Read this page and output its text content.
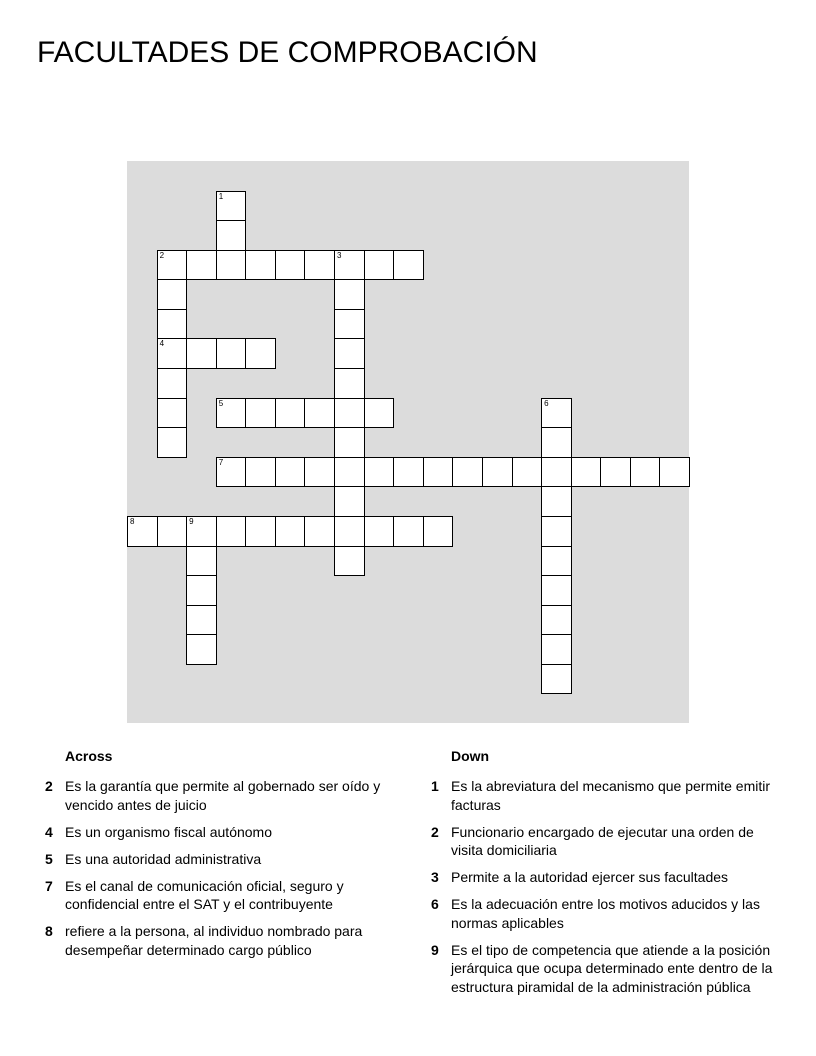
FACULTADES DE COMPROBACIÓN
1
2	3
4
5	6
7
8	9
Across
2 Es la garantía que permite al gobernado ser oído y vencido antes de juicio
4 Es un organismo fiscal autónomo
5 Es una autoridad administrativa
7 Es el canal de comunicación oficial, seguro y confidencial entre el SAT y el contribuyente
8 refiere a la persona, al individuo nombrado para desempeñar determinado cargo público
Down
1 Es la abreviatura del mecanismo que permite emitir facturas
2 Funcionario encargado de ejecutar una orden de visita domiciliaria
3 Permite a la autoridad ejercer sus facultades
6 Es la adecuación entre los motivos aducidos y las normas aplicables
9 Es el tipo de competencia que atiende a la posición jerárquica que ocupa determinado ente dentro de la estructura piramidal de la administración pública
